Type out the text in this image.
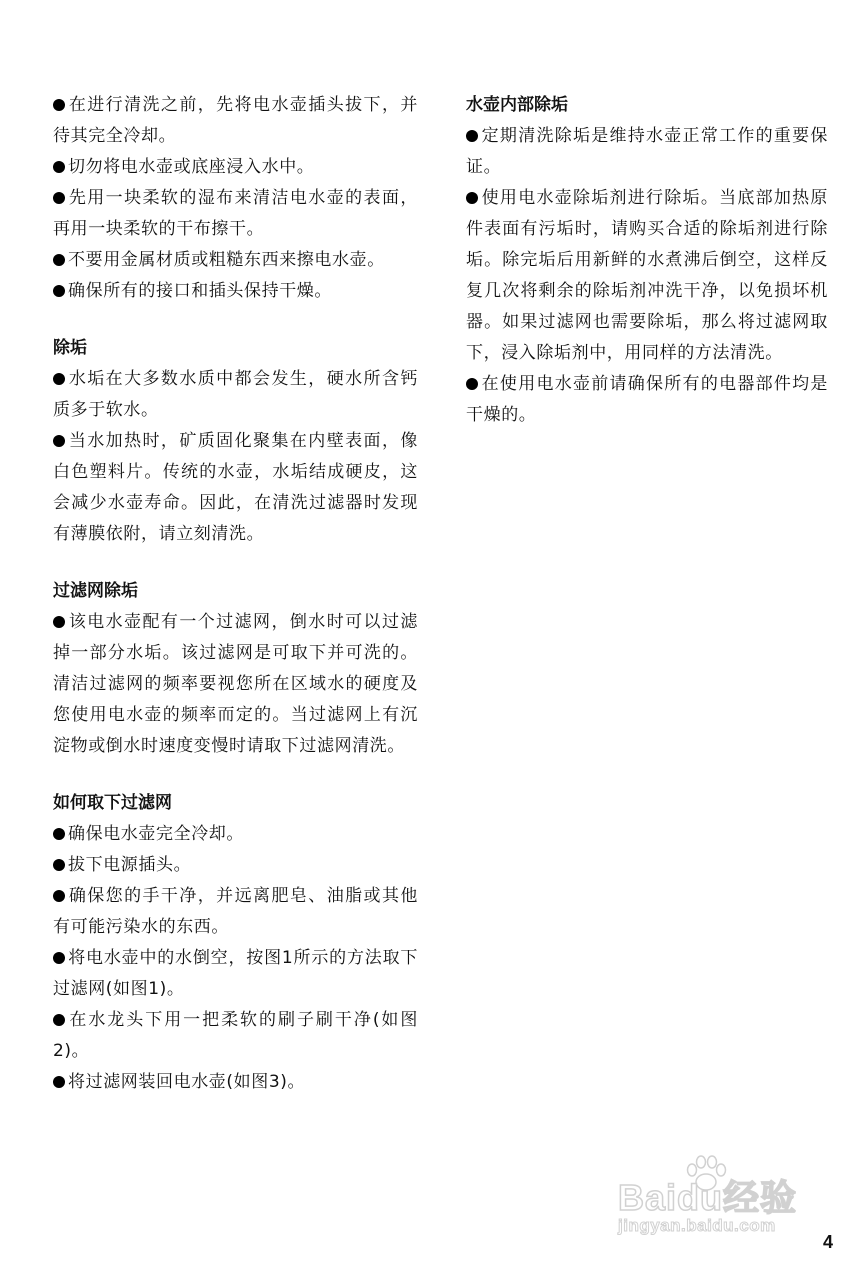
在进行清洗之前，先将电水壶插头拔下，并待其完全冷却。

切勿将电水壶或底座浸入水中。

先用一块柔软的湿布来清洁电水壶的表面，再用一块柔软的干布擦干。

不要用金属材质或粗糙东西来擦电水壶。

确保所有的接口和插头保持干燥。

除垢

水垢在大多数水质中都会发生，硬水所含钙质多于软水。

当水加热时，矿质固化聚集在内壁表面，像白色塑料片。传统的水壶，水垢结成硬皮，这会减少水壶寿命。因此，在清洗过滤器时发现有薄膜依附，请立刻清洗。

过滤网除垢

该电水壶配有一个过滤网，倒水时可以过滤掉一部分水垢。该过滤网是可取下并可洗的。清洁过滤网的频率要视您所在区域水的硬度及您使用电水壶的频率而定的。当过滤网上有沉淀物或倒水时速度变慢时请取下过滤网清洗。

如何取下过滤网

确保电水壶完全冷却。

拔下电源插头。

确保您的手干净，并远离肥皂、油脂或其他有可能污染水的东西。

将电水壶中的水倒空，按图1所示的方法取下过滤网(如图1)。

在水龙头下用一把柔软的刷子刷干净(如图2)。

将过滤网装回电水壶(如图3)。

水壶内部除垢

定期清洗除垢是维持水壶正常工作的重要保证。

使用电水壶除垢剂进行除垢。当底部加热原件表面有污垢时，请购买合适的除垢剂进行除垢。除完垢后用新鲜的水煮沸后倒空，这样反复几次将剩余的除垢剂冲洗干净，以免损坏机器。如果过滤网也需要除垢，那么将过滤网取下，浸入除垢剂中，用同样的方法清洗。

在使用电水壶前请确保所有的电器部件均是干燥的。

Baidu经验
jingyan.baidu.com
4
